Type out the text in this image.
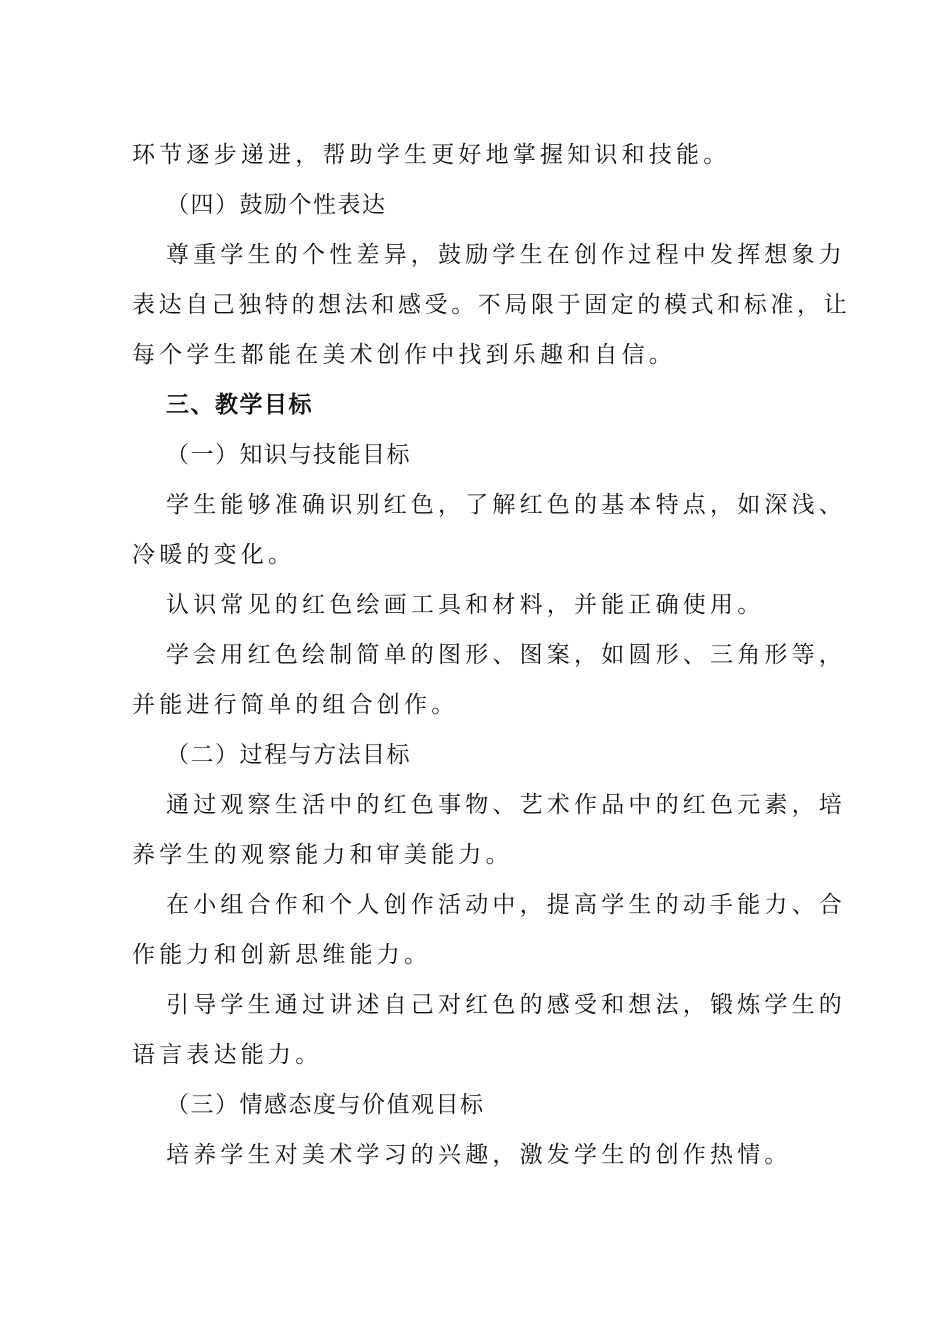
环节逐步递进，帮助学生更好地掌握知识和技能。
（四）鼓励个性表达
尊重学生的个性差异，鼓励学生在创作过程中发挥想象力
表达自己独特的想法和感受。不局限于固定的模式和标准，让
每个学生都能在美术创作中找到乐趣和自信。
三、教学目标
（一）知识与技能目标
学生能够准确识别红色，了解红色的基本特点，如深浅、
冷暖的变化。
认识常见的红色绘画工具和材料，并能正确使用。
学会用红色绘制简单的图形、图案，如圆形、三角形等，
并能进行简单的组合创作。
（二）过程与方法目标
通过观察生活中的红色事物、艺术作品中的红色元素，培
养学生的观察能力和审美能力。
在小组合作和个人创作活动中，提高学生的动手能力、合
作能力和创新思维能力。
引导学生通过讲述自己对红色的感受和想法，锻炼学生的
语言表达能力。
（三）情感态度与价值观目标
培养学生对美术学习的兴趣，激发学生的创作热情。
